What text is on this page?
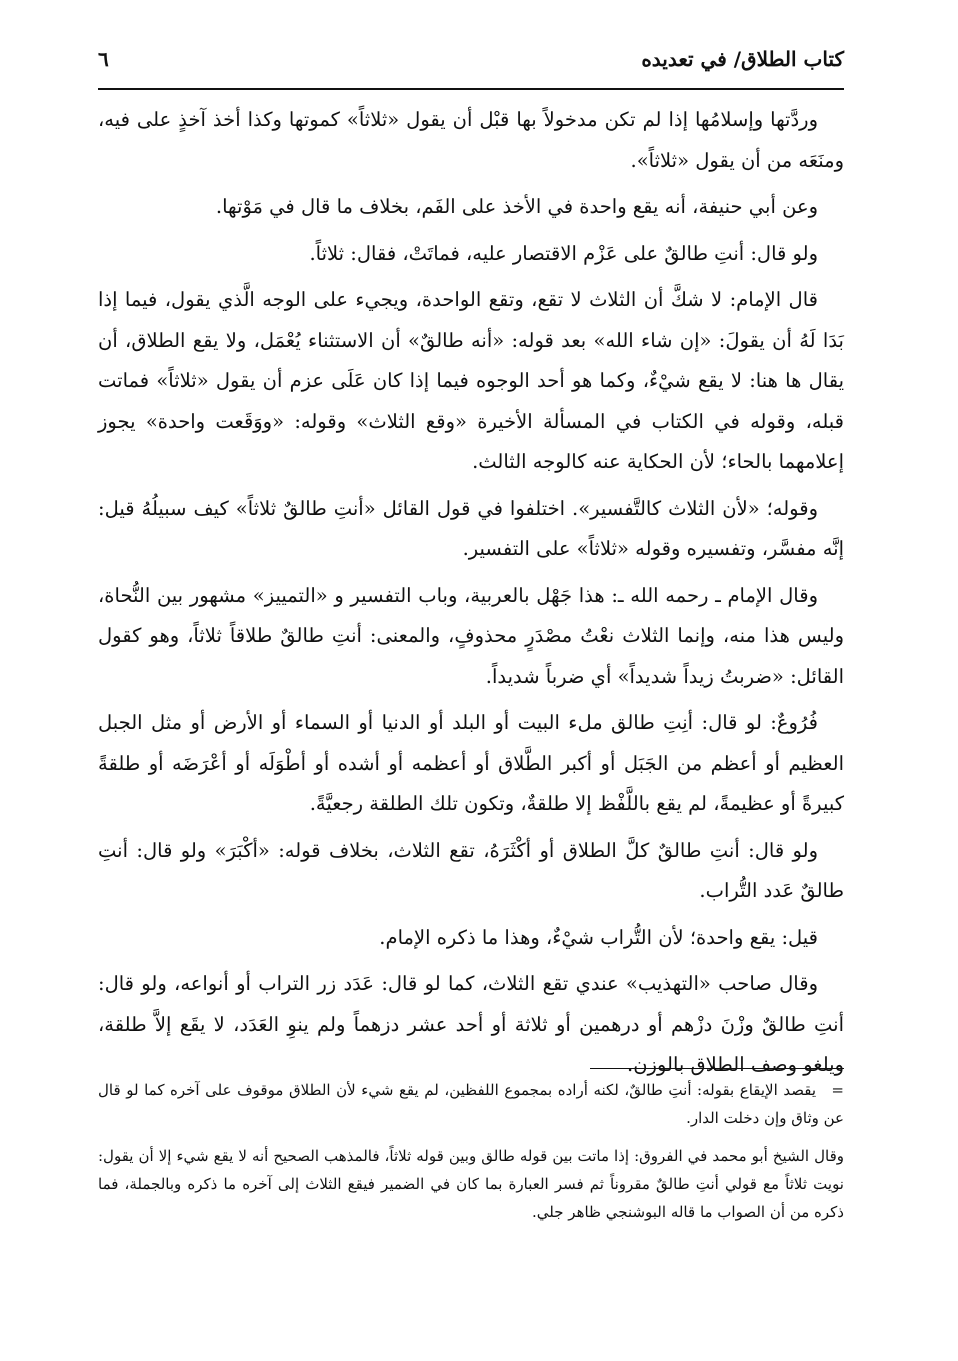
كتاب الطلاق/ في تعديده
٦

وردَّتها وإسلامُها إذا لم تكن مدخولاً بها قبْل أن يقول «ثلاثاً» كموتها وكذا أخذ آخذٍ على فيه، ومنَعَه من أن يقول «ثلاثاً».

وعن أبي حنيفة، أنه يقع واحدة في الأخذ على الفَم، بخلاف ما قال في مَوْتها.

ولو قال: أنتِ طالقٌ على عَزْم الاقتصار عليه، فماتَتْ، فقال: ثلاثاً.

قال الإمام: لا شكَّ أن الثلاث لا تقع، وتقع الواحدة، ويجيء على الوجه الَّذي يقول، فيما إذا بَدَا لَهُ أن يقولَ: «إن شاء الله» بعد قوله: «أنه طالقٌ» أن الاستثناء يُعْمَل، ولا يقع الطلاق، أن يقال ها هنا: لا يقع شيْءٌ، وكما هو أحد الوجوه فيما إذا كان عَلَى عزم أن يقول «ثلاثاً» فماتت قبله، وقوله في الكتاب في المسألة الأخيرة «وقع الثلاث» وقوله: «ووَقَعت واحدة» يجوز إعلامهما بالحاء؛ لأن الحكاية عنه كالوجه الثالث.

وقوله؛ «لأن الثلاث كالتَّفسير». اختلفوا في قول القائل «أنتِ طالقٌ ثلاثاً» كيف سبيلُهُ قيل: إنَّه مفسَّر، وتفسيره وقوله «ثلاثاً» على التفسير.

وقال الإمام ـ رحمه الله ـ: هذا جَهْل بالعربية، وباب التفسير و «التمييز» مشهور بين النُّحاة، وليس هذا منه، وإنما الثلاث نعْتُ مصْدَرٍ محذوفٍ، والمعنى: أنتِ طالقٌ طلاقاً ثلاثاً، وهو كقول القائل: «ضربتُ زيداً شديداً» أي ضرباً شديداً.

فُرُوعٌ: لو قال: أنِتِ طالق ملء البيت أو البلد أو الدنيا أو السماء أو الأرض أو مثل الجبل العظيم أو أعظم من الجَبَل أو أكبر الطَّلاق أو أعظمه أو أشده أو أطْوَلَه أو أعْرَضَه أو طلقةً كبيرةً أو عظيمةً، لم يقع باللَّفْظ إلا طلقةٌ، وتكون تلك الطلقة رجعيَّةً.

ولو قال: أنتِ طالقٌ كلَّ الطلاق أو أكْثَرَهُ، تقع الثلاث، بخلاف قوله: «أكْبَرَ» ولو قال: أنتِ طالقٌ عَدد التُّراب.

قيل: يقع واحدة؛ لأن التُّراب شيْءٌ، وهذا ما ذكره الإمام.

وقال صاحب «التهذيب» عندي تقع الثلاث، كما لو قال: عَدَد زر التراب أو أنواعه، ولو قال: أنتِ طالقٌ وزْنَ دزْهم أو درهمين أو ثلاثة أو أحد عشر دزهماً ولم ينوِ العَدَد، لا يقَع إلاَّ طلقة، ويلغو وصف الطلاق بالوزن.

=يقصد الإيقاع بقوله: أنتِ طالقٌ، لكنه أراده بمجموع اللفظين، لم يقع شيء لأن الطلاق موقوف على آخره كما لو قال عن وثاق وإن دخلت الدار.

وقال الشيخ أبو محمد في الفروق: إذا ماتت بين قوله طالق وبين قوله ثلاثاً، فالمذهب الصحيح أنه لا يقع شيء إلا أن يقول: نويت ثلاثاً مع قولي أنتِ طالقٌ مقروناً ثم فسر العبارة بما كان في الضمير فيقع الثلاث إلى آخره ما ذكره وبالجملة، فما ذكره من أن الصواب ما قاله البوشنجي ظاهر جلي.
